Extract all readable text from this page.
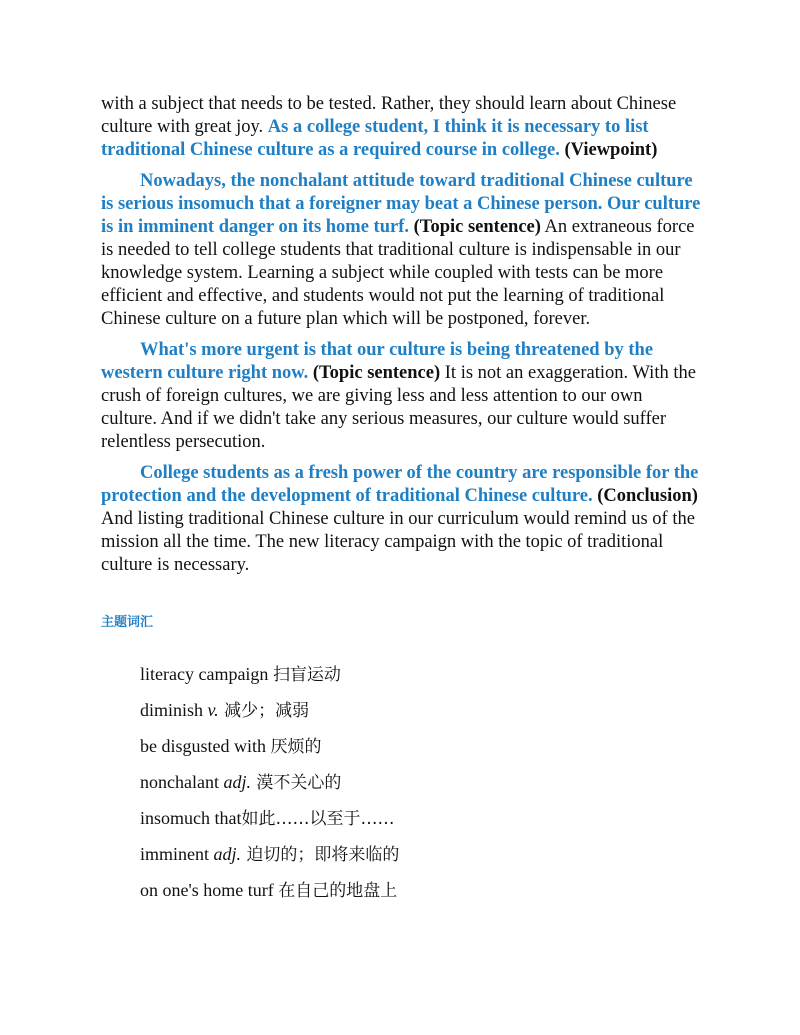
with a subject that needs to be tested. Rather, they should learn about Chinese culture with great joy. As a college student, I think it is necessary to list traditional Chinese culture as a required course in college. (Viewpoint)

Nowadays, the nonchalant attitude toward traditional Chinese culture is serious insomuch that a foreigner may beat a Chinese person. Our culture is in imminent danger on its home turf. (Topic sentence) An extraneous force is needed to tell college students that traditional culture is indispensable in our knowledge system. Learning a subject while coupled with tests can be more efficient and effective, and students would not put the learning of traditional Chinese culture on a future plan which will be postponed, forever.

What's more urgent is that our culture is being threatened by the western culture right now. (Topic sentence) It is not an exaggeration. With the crush of foreign cultures, we are giving less and less attention to our own culture. And if we didn't take any serious measures, our culture would suffer relentless persecution.

College students as a fresh power of the country are responsible for the protection and the development of traditional Chinese culture. (Conclusion) And listing traditional Chinese culture in our curriculum would remind us of the mission all the time. The new literacy campaign with the topic of traditional culture is necessary.

主题词汇
literacy campaign 扫盲运动
diminish v. 减少；减弱
be disgusted with 厌烦的
nonchalant adj. 漠不关心的
insomuch that如此……以至于……
imminent adj. 迫切的；即将来临的
on one's home turf 在自己的地盘上
